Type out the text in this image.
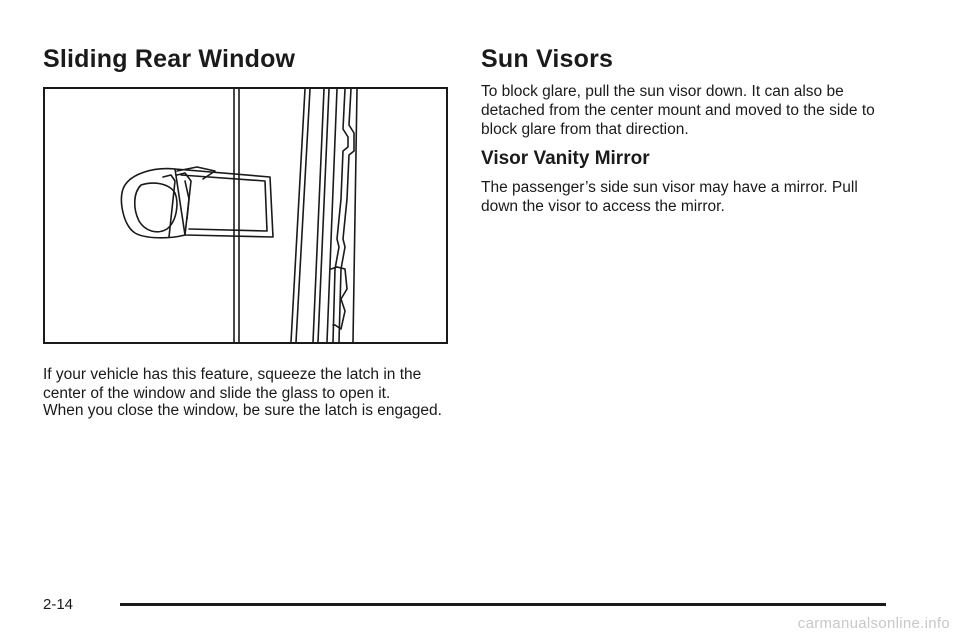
Sliding Rear Window

If your vehicle has this feature, squeeze the latch in the center of the window and slide the glass to open it.

When you close the window, be sure the latch is engaged.

Sun Visors

To block glare, pull the sun visor down. It can also be detached from the center mount and moved to the side to block glare from that direction.

Visor Vanity Mirror

The passenger’s side sun visor may have a mirror. Pull down the visor to access the mirror.

2-14
carmanualsonline.info
